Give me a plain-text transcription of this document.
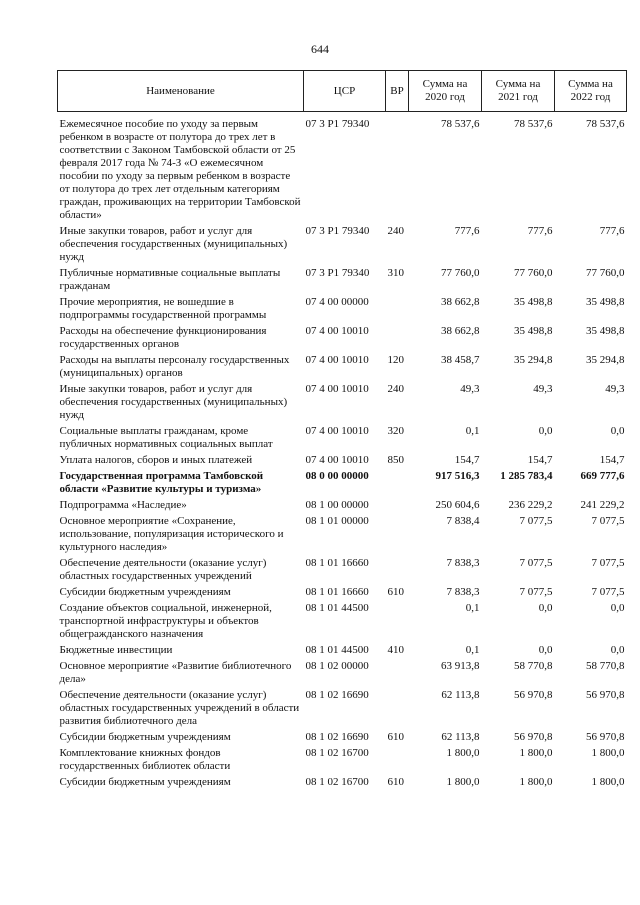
644
Наименование	ЦСР	ВР	Сумма на 2020 год	Сумма на 2021 год	Сумма на 2022 год
Ежемесячное пособие по уходу за первым ребенком в возрасте от полутора до трех лет в соответствии с Законом Тамбовской области от 25 февраля 2017 года № 74-З «О ежемесячном пособии по уходу за первым ребенком в возрасте от полутора до трех лет отдельным категориям граждан, проживающих на территории Тамбовской области»	07 3 P1 79340		78 537,6	78 537,6	78 537,6
Иные закупки товаров, работ и услуг для обеспечения государственных (муниципальных) нужд	07 3 P1 79340	240	777,6	777,6	777,6
Публичные нормативные социальные выплаты гражданам	07 3 P1 79340	310	77 760,0	77 760,0	77 760,0
Прочие мероприятия, не вошедшие в подпрограммы государственной программы	07 4 00 00000		38 662,8	35 498,8	35 498,8
Расходы на обеспечение функционирования государственных органов	07 4 00 10010		38 662,8	35 498,8	35 498,8
Расходы на выплаты персоналу государственных (муниципальных) органов	07 4 00 10010	120	38 458,7	35 294,8	35 294,8
Иные закупки товаров, работ и услуг для обеспечения государственных (муниципальных) нужд	07 4 00 10010	240	49,3	49,3	49,3
Социальные выплаты гражданам, кроме публичных нормативных социальных выплат	07 4 00 10010	320	0,1	0,0	0,0
Уплата налогов, сборов и иных платежей	07 4 00 10010	850	154,7	154,7	154,7
Государственная программа Тамбовской области «Развитие культуры и туризма»	08 0 00 00000		917 516,3	1 285 783,4	669 777,6
Подпрограмма «Наследие»	08 1 00 00000		250 604,6	236 229,2	241 229,2
Основное мероприятие «Сохранение, использование, популяризация исторического и культурного наследия»	08 1 01 00000		7 838,4	7 077,5	7 077,5
Обеспечение деятельности (оказание услуг) областных государственных учреждений	08 1 01 16660		7 838,3	7 077,5	7 077,5
Субсидии бюджетным учреждениям	08 1 01 16660	610	7 838,3	7 077,5	7 077,5
Создание объектов социальной, инженерной, транспортной инфраструктуры и объектов общегражданского назначения	08 1 01 44500		0,1	0,0	0,0
Бюджетные инвестиции	08 1 01 44500	410	0,1	0,0	0,0
Основное мероприятие «Развитие библиотечного дела»	08 1 02 00000		63 913,8	58 770,8	58 770,8
Обеспечение деятельности (оказание услуг) областных государственных учреждений в области развития библиотечного дела	08 1 02 16690		62 113,8	56 970,8	56 970,8
Субсидии бюджетным учреждениям	08 1 02 16690	610	62 113,8	56 970,8	56 970,8
Комплектование книжных фондов государственных библиотек области	08 1 02 16700		1 800,0	1 800,0	1 800,0
Субсидии бюджетным учреждениям	08 1 02 16700	610	1 800,0	1 800,0	1 800,0
